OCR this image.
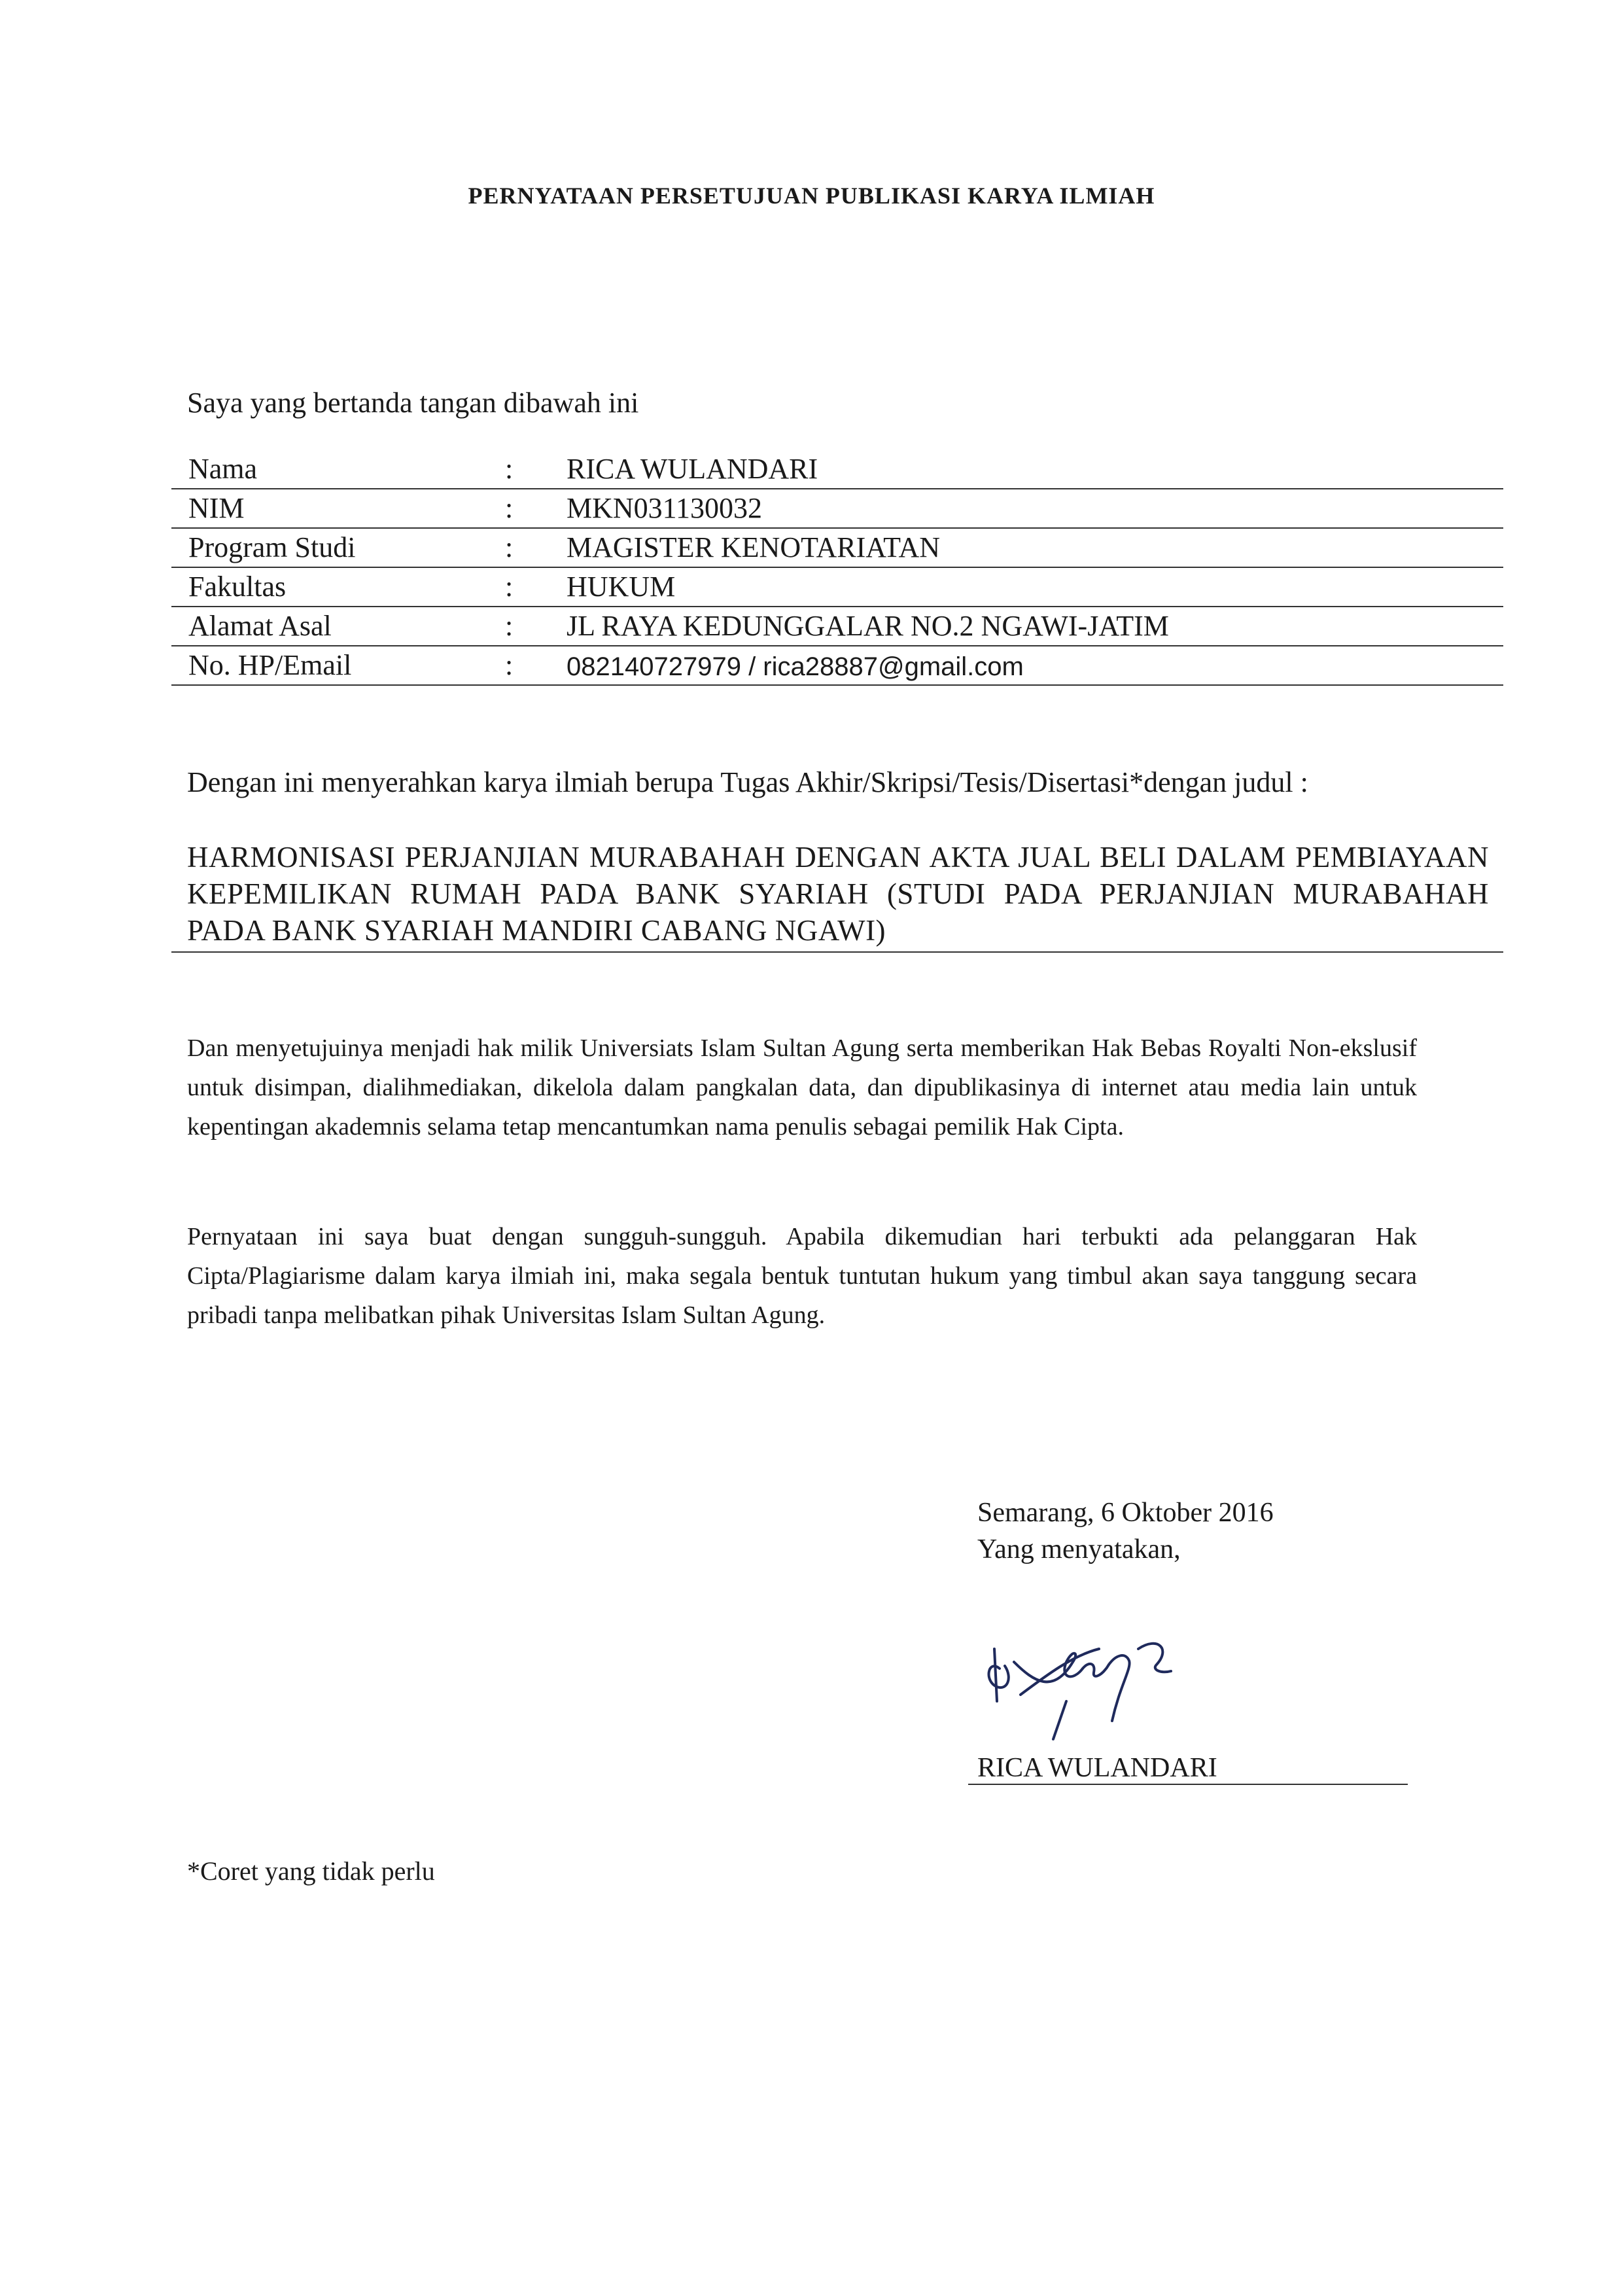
PERNYATAAN PERSETUJUAN PUBLIKASI KARYA ILMIAH
Saya yang bertanda tangan dibawah ini
Nama	: RICA WULANDARI
NIM	: MKN031130032
Program Studi	: MAGISTER KENOTARIATAN
Fakultas	: HUKUM
Alamat Asal	: JL RAYA KEDUNGGALAR NO.2 NGAWI-JATIM
No. HP/Email	: 082140727979 / rica28887@gmail.com
Dengan ini menyerahkan karya ilmiah berupa Tugas Akhir/Skripsi/Tesis/Disertasi*dengan judul :
HARMONISASI PERJANJIAN MURABAHAH DENGAN AKTA JUAL BELI DALAM PEMBIAYAAN KEPEMILIKAN RUMAH PADA BANK SYARIAH (STUDI PADA PERJANJIAN MURABAHAH PADA BANK SYARIAH MANDIRI CABANG NGAWI)
Dan menyetujuinya menjadi hak milik Universiats Islam Sultan Agung serta memberikan Hak Bebas Royalti Non-ekslusif untuk disimpan, dialihmediakan, dikelola dalam pangkalan data, dan dipublikasinya di internet atau media lain untuk kepentingan akademnis selama tetap mencantumkan nama penulis sebagai pemilik Hak Cipta.
Pernyataan ini saya buat dengan sungguh-sungguh. Apabila dikemudian hari terbukti ada pelanggaran Hak Cipta/Plagiarisme dalam karya ilmiah ini, maka segala bentuk tuntutan hukum yang timbul akan saya tanggung secara pribadi tanpa melibatkan pihak Universitas Islam Sultan Agung.
Semarang, 6 Oktober 2016
Yang menyatakan,
RICA WULANDARI
*Coret yang tidak perlu
